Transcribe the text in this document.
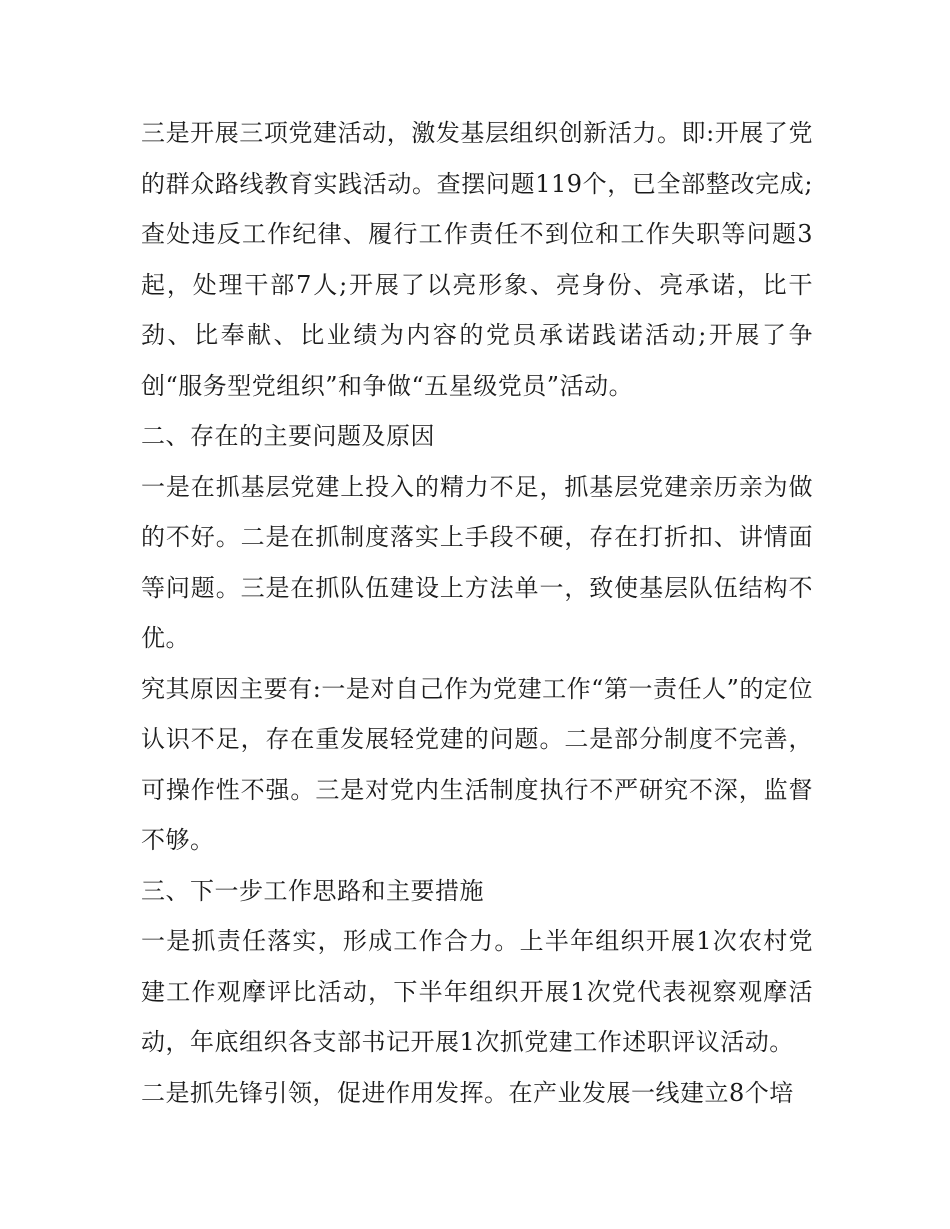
三是开展三项党建活动，激发基层组织创新活力。即:开展了党的群众路线教育实践活动。查摆问题119个，已全部整改完成;查处违反工作纪律、履行工作责任不到位和工作失职等问题3起，处理干部7人;开展了以亮形象、亮身份、亮承诺，比干劲、比奉献、比业绩为内容的党员承诺践诺活动;开展了争创“服务型党组织”和争做“五星级党员”活动。

二、存在的主要问题及原因

一是在抓基层党建上投入的精力不足，抓基层党建亲历亲为做的不好。二是在抓制度落实上手段不硬，存在打折扣、讲情面等问题。三是在抓队伍建设上方法单一，致使基层队伍结构不优。

究其原因主要有:一是对自己作为党建工作“第一责任人”的定位认识不足，存在重发展轻党建的问题。二是部分制度不完善，可操作性不强。三是对党内生活制度执行不严研究不深，监督不够。

三、下一步工作思路和主要措施

一是抓责任落实，形成工作合力。上半年组织开展1次农村党建工作观摩评比活动，下半年组织开展1次党代表视察观摩活动，年底组织各支部书记开展1次抓党建工作述职评议活动。

二是抓先锋引领，促进作用发挥。在产业发展一线建立8个培
